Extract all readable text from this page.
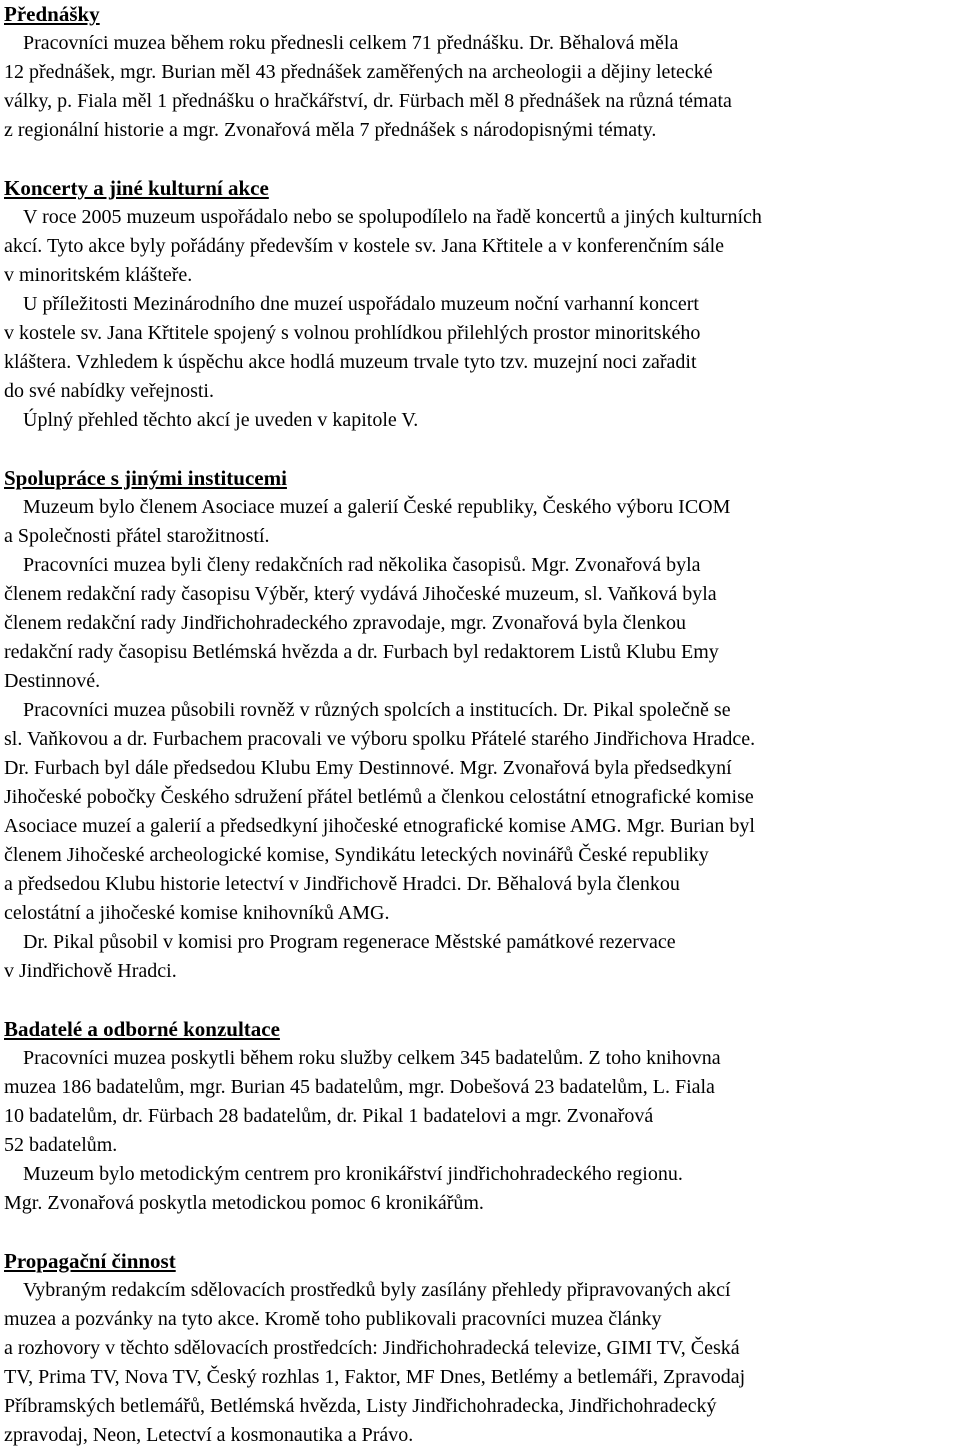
Přednášky

Pracovníci muzea během roku přednesli celkem 71 přednášku. Dr. Běhalová měla
12 přednášek, mgr. Burian měl 43 přednášek zaměřených na archeologii a dějiny letecké
války, p. Fiala měl 1 přednášku o hračkářství, dr. Fürbach měl 8 přednášek na různá témata
z regionální historie a mgr. Zvonařová měla 7 přednášek s národopisnými tématy.

Koncerty a jiné kulturní akce

V roce 2005 muzeum uspořádalo nebo se spolupodílelo na řadě koncertů a jiných kulturních
akcí. Tyto akce byly pořádány především v kostele sv. Jana Křtitele a v konferenčním sále
v minoritském klášteře.

U příležitosti Mezinárodního dne muzeí uspořádalo muzeum noční varhanní koncert
v kostele sv. Jana Křtitele spojený s volnou prohlídkou přilehlých prostor minoritského
kláštera. Vzhledem k úspěchu akce hodlá muzeum trvale tyto tzv. muzejní noci zařadit
do své nabídky veřejnosti.

Úplný přehled těchto akcí je uveden v kapitole V.

Spolupráce s jinými institucemi

Muzeum bylo členem Asociace muzeí a galerií České republiky, Českého výboru ICOM
a Společnosti přátel starožitností.

Pracovníci muzea byli členy redakčních rad několika časopisů. Mgr. Zvonařová byla
členem redakční rady časopisu Výběr, který vydává Jihočeské muzeum, sl. Vaňková byla
členem redakční rady Jindřichohradeckého zpravodaje, mgr. Zvonařová byla členkou
redakční rady časopisu Betlémská hvězda a dr. Furbach byl redaktorem Listů Klubu Emy
Destinnové.

Pracovníci muzea působili rovněž v různých spolcích a institucích. Dr. Pikal společně se
sl. Vaňkovou a dr. Furbachem pracovali ve výboru spolku Přátelé starého Jindřichova Hradce.
Dr. Furbach byl dále předsedou Klubu Emy Destinnové. Mgr. Zvonařová byla předsedkyní
Jihočeské pobočky Českého sdružení přátel betlémů a členkou celostátní etnografické komise
Asociace muzeí a galerií a předsedkyní jihočeské etnografické komise AMG. Mgr. Burian byl
členem Jihočeské archeologické komise, Syndikátu leteckých novinářů České republiky
a předsedou Klubu historie letectví v Jindřichově Hradci. Dr. Běhalová byla členkou
celostátní a jihočeské komise knihovníků AMG.

Dr. Pikal působil v komisi pro Program regenerace Městské památkové rezervace
v Jindřichově Hradci.

Badatelé a odborné konzultace

Pracovníci muzea poskytli během roku služby celkem 345 badatelům. Z toho knihovna
muzea 186 badatelům, mgr. Burian 45 badatelům, mgr. Dobešová 23 badatelům, L. Fiala
10 badatelům, dr. Fürbach 28 badatelům, dr. Pikal 1 badatelovi a mgr. Zvonařová
52 badatelům.

Muzeum bylo metodickým centrem pro kronikářství jindřichohradeckého regionu.
Mgr. Zvonařová poskytla metodickou pomoc 6 kronikářům.

Propagační činnost

Vybraným redakcím sdělovacích prostředků byly zasílány přehledy připravovaných akcí
muzea a pozvánky na tyto akce. Kromě toho publikovali pracovníci muzea články
a rozhovory v těchto sdělovacích prostředcích: Jindřichohradecká televize, GIMI TV, Česká
TV, Prima TV, Nova TV, Český rozhlas 1, Faktor, MF Dnes, Betlémy a betlemáři, Zpravodaj
Příbramských betlemářů, Betlémská hvězda, Listy Jindřichohradecka, Jindřichohradecký
zpravodaj, Neon, Letectví a kosmonautika a Právo.
